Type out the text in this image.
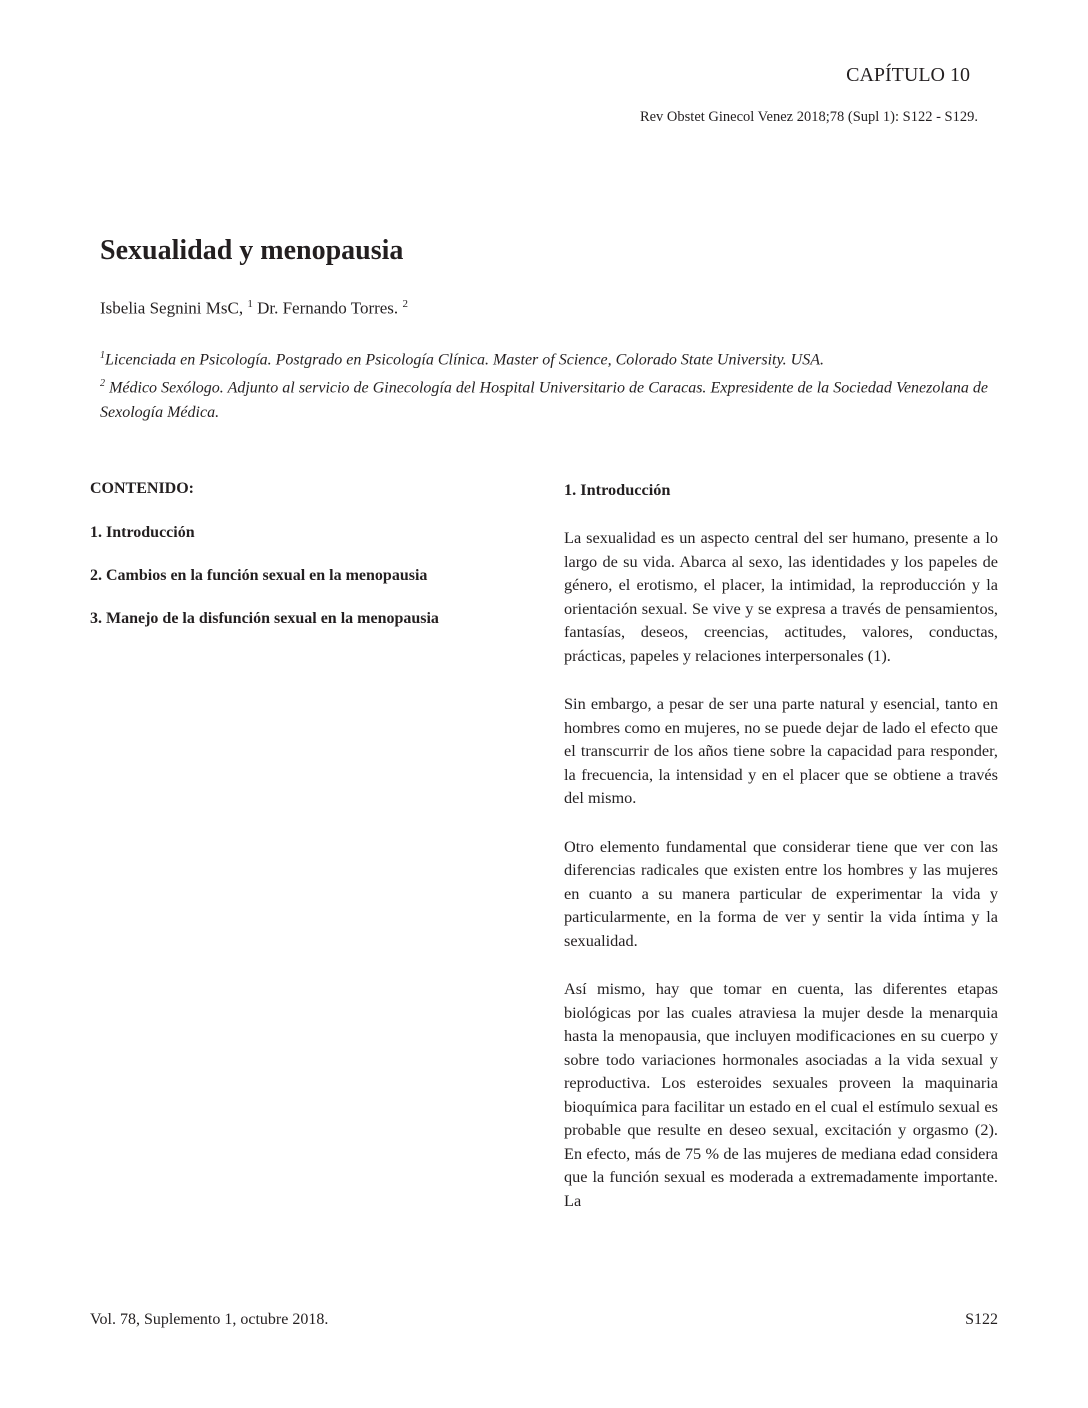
CAPÍTULO 10
Rev Obstet Ginecol Venez 2018;78 (Supl 1): S122 - S129.
Sexualidad y menopausia
Isbelia Segnini MsC, $^1$ Dr. Fernando Torres. $^2$

$^1$Licenciada en Psicología. Postgrado en Psicología Clínica. Master of Science, Colorado State University. USA.

$^2$ Médico Sexólogo. Adjunto al servicio de Ginecología del Hospital Universitario de Caracas. Expresidente de la Sociedad Venezolana de Sexología Médica.

CONTENIDO:
1. Introducción
2. Cambios en la función sexual en la menopausia
3. Manejo de la disfunción sexual en la menopausia
1. Introducción

La sexualidad es un aspecto central del ser humano, presente a lo largo de su vida. Abarca al sexo, las identidades y los papeles de género, el erotismo, el placer, la intimidad, la reproducción y la orientación sexual. Se vive y se expresa a través de pensamientos, fantasías, deseos, creencias, actitudes, valores, conductas, prácticas, papeles y relaciones interpersonales (1).

Sin embargo, a pesar de ser una parte natural y esencial, tanto en hombres como en mujeres, no se puede dejar de lado el efecto que el transcurrir de los años tiene sobre la capacidad para responder, la frecuencia, la intensidad y en el placer que se obtiene a través del mismo.

Otro elemento fundamental que considerar tiene que ver con las diferencias radicales que existen entre los hombres y las mujeres en cuanto a su manera particular de experimentar la vida y particularmente, en la forma de ver y sentir la vida íntima y la sexualidad.

Así mismo, hay que tomar en cuenta, las diferentes etapas biológicas por las cuales atraviesa la mujer desde la menarquia hasta la menopausia, que incluyen modificaciones en su cuerpo y sobre todo variaciones hormonales asociadas a la vida sexual y reproductiva. Los esteroides sexuales proveen la maquinaria bioquímica para facilitar un estado en el cual el estímulo sexual es probable que resulte en deseo sexual, excitación y orgasmo (2). En efecto, más de 75 % de las mujeres de mediana edad considera que la función sexual es moderada a extremadamente importante. La

Vol. 78, Suplemento 1, octubre 2018.	S122
